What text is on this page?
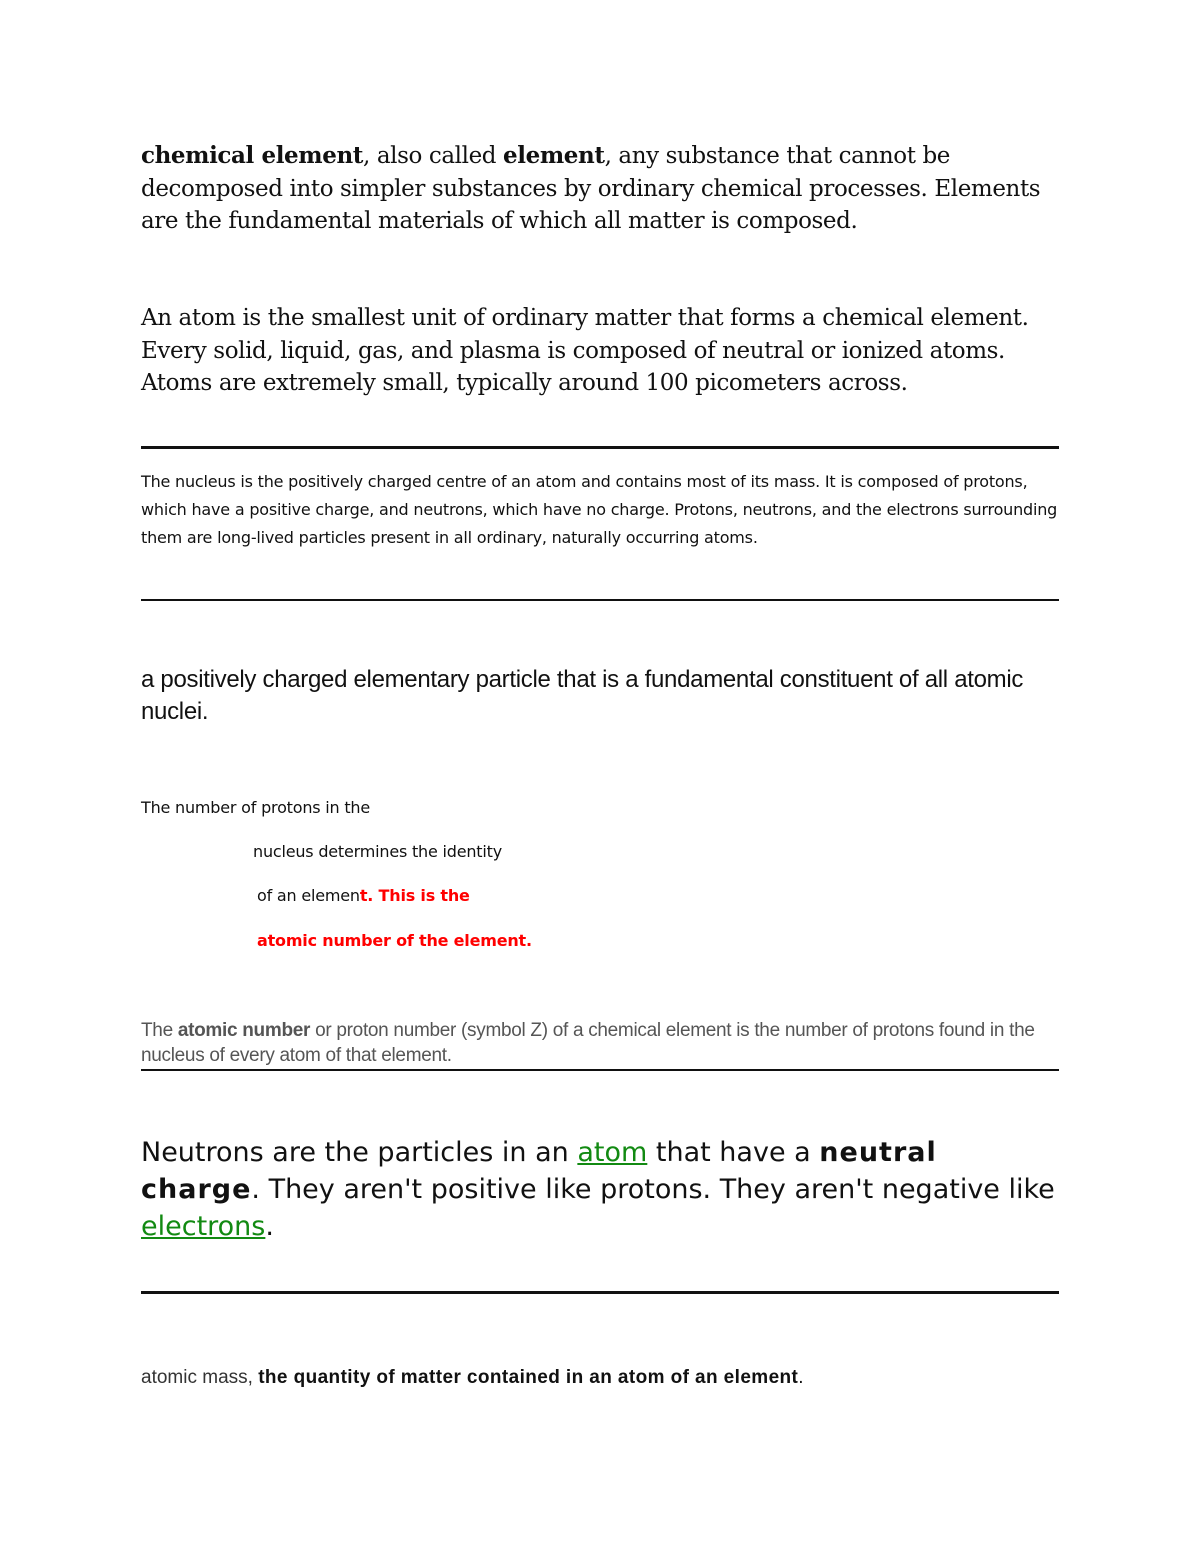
chemical element, also called element, any substance that cannot be decomposed into simpler substances by ordinary chemical processes. Elements are the fundamental materials of which all matter is composed.

An atom is the smallest unit of ordinary matter that forms a chemical element. Every solid, liquid, gas, and plasma is composed of neutral or ionized atoms. Atoms are extremely small, typically around 100 picometers across.

The nucleus is the positively charged centre of an atom and contains most of its mass. It is composed of protons, which have a positive charge, and neutrons, which have no charge. Protons, neutrons, and the electrons surrounding them are long-lived particles present in all ordinary, naturally occurring atoms.

a positively charged elementary particle that is a fundamental constituent of all atomic nuclei.

The number of protons in the
nucleus determines the identity
of an element. This is the
atomic number of the element.

The atomic number or proton number (symbol Z) of a chemical element is the number of protons found in the nucleus of every atom of that element.

Neutrons are the particles in an atom that have a neutral charge. They aren't positive like protons. They aren't negative like electrons.

atomic mass, the quantity of matter contained in an atom of an element.
